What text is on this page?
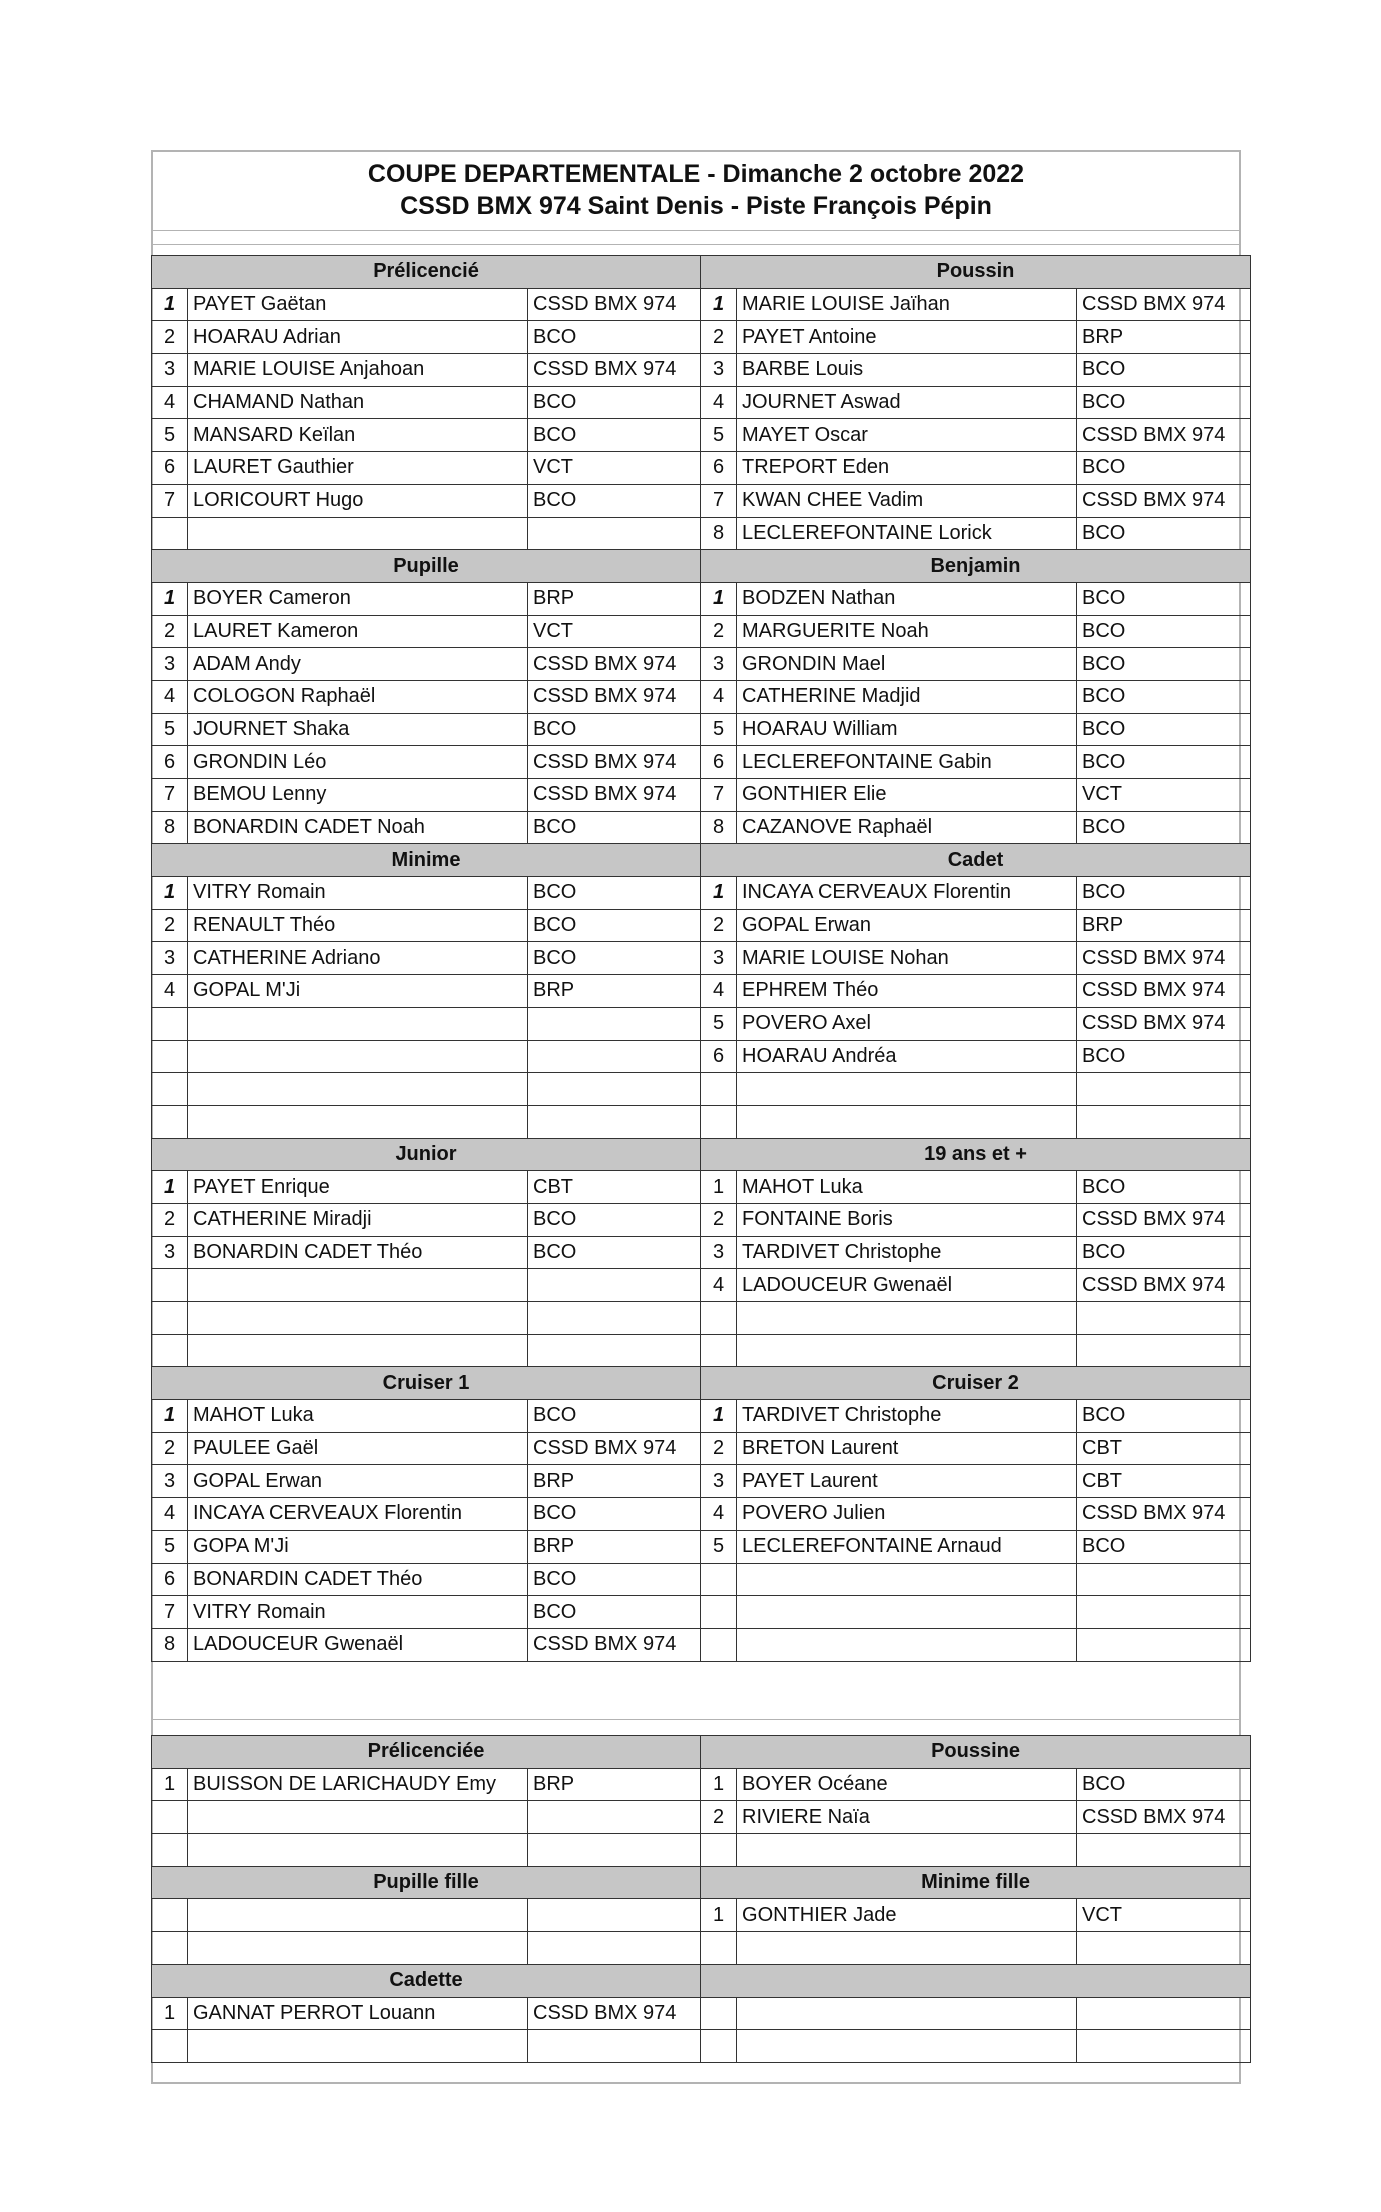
COUPE DEPARTEMENTALE - Dimanche 2 octobre 2022
CSSD BMX 974 Saint Denis - Piste François Pépin
Prélicencié			Poussin		
1	PAYET Gaëtan	CSSD BMX 974	1	MARIE LOUISE Jaïhan	CSSD BMX 974
2	HOARAU Adrian	BCO	2	PAYET Antoine	BRP
3	MARIE LOUISE Anjahoan	CSSD BMX 974	3	BARBE Louis	BCO
4	CHAMAND Nathan	BCO	4	JOURNET Aswad	BCO
5	MANSARD Keïlan	BCO	5	MAYET Oscar	CSSD BMX 974
6	LAURET Gauthier	VCT	6	TREPORT Eden	BCO
7	LORICOURT Hugo	BCO	7	KWAN CHEE Vadim	CSSD BMX 974
			8	LECLEREFONTAINE Lorick	BCO
Pupille			Benjamin		
1	BOYER Cameron	BRP	1	BODZEN Nathan	BCO
2	LAURET Kameron	VCT	2	MARGUERITE Noah	BCO
3	ADAM Andy	CSSD BMX 974	3	GRONDIN Mael	BCO
4	COLOGON Raphaël	CSSD BMX 974	4	CATHERINE Madjid	BCO
5	JOURNET Shaka	BCO	5	HOARAU William	BCO
6	GRONDIN Léo	CSSD BMX 974	6	LECLEREFONTAINE Gabin	BCO
7	BEMOU Lenny	CSSD BMX 974	7	GONTHIER Elie	VCT
8	BONARDIN CADET Noah	BCO	8	CAZANOVE Raphaël	BCO
Minime			Cadet		
1	VITRY Romain	BCO	1	INCAYA CERVEAUX Florentin	BCO
2	RENAULT Théo	BCO	2	GOPAL Erwan	BRP
3	CATHERINE Adriano	BCO	3	MARIE LOUISE Nohan	CSSD BMX 974
4	GOPAL M'Ji	BRP	4	EPHREM Théo	CSSD BMX 974
			5	POVERO Axel	CSSD BMX 974
			6	HOARAU Andréa	BCO

Junior			19 ans et +		
1	PAYET Enrique	CBT	1	MAHOT Luka	BCO
2	CATHERINE Miradji	BCO	2	FONTAINE Boris	CSSD BMX 974
3	BONARDIN CADET Théo	BCO	3	TARDIVET Christophe	BCO
			4	LADOUCEUR Gwenaël	CSSD BMX 974

Cruiser 1			Cruiser 2		
1	MAHOT Luka	BCO	1	TARDIVET Christophe	BCO
2	PAULEE Gaël	CSSD BMX 974	2	BRETON Laurent	CBT
3	GOPAL Erwan	BRP	3	PAYET Laurent	CBT
4	INCAYA CERVEAUX Florentin	BCO	4	POVERO Julien	CSSD BMX 974
5	GOPA M'Ji	BRP	5	LECLEREFONTAINE Arnaud	BCO
6	BONARDIN CADET Théo	BCO			
7	VITRY Romain	BCO			
8	LADOUCEUR Gwenaël	CSSD BMX 974			
Prélicenciée			Poussine		
1	BUISSON DE LARICHAUDY Emy	BRP	1	BOYER Océane	BCO
			2	RIVIERE Naïa	CSSD BMX 974

Pupille fille			Minime fille		
			1	GONTHIER Jade	VCT

Cadette					
1	GANNAT PERROT Louann	CSSD BMX 974			
